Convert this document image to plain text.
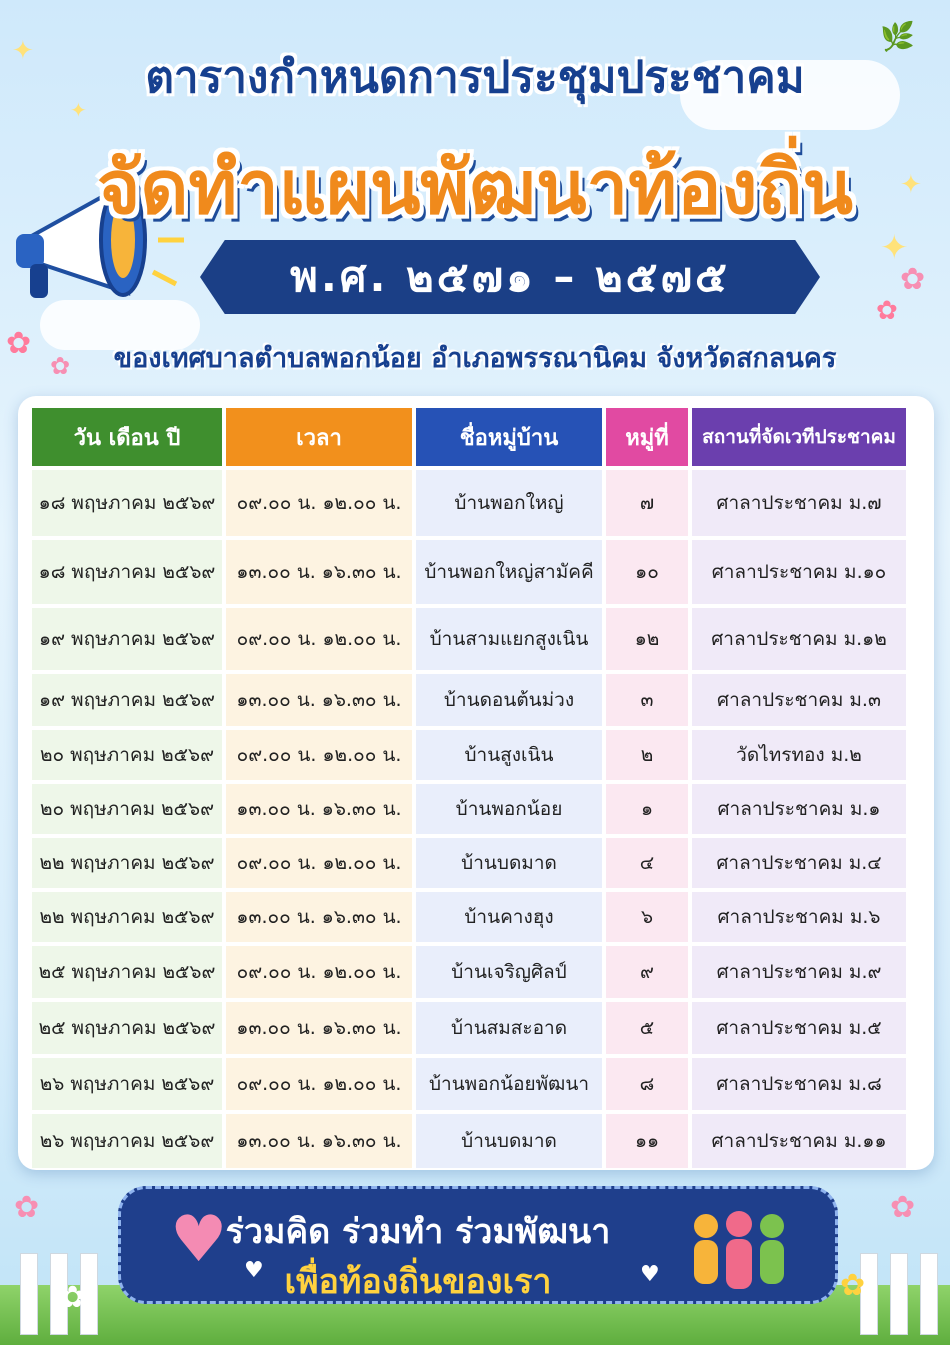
✦
✦
✦
✦
🌿
✿
✿
✿
✿
ตารางกำหนดการประชุมประชาคม
จัดทำแผนพัฒนาท้องถิ่น
พ.ศ. ๒๕๗๑ – ๒๕๗๕
ของเทศบาลตำบลพอกน้อย อำเภอพรรณานิคม จังหวัดสกลนคร
วัน เดือน ปี	เวลา	ชื่อหมู่บ้าน	หมู่ที่	สถานที่จัดเวทีประชาคม
๑๘ พฤษภาคม ๒๕๖๙	๐๙.๐๐ น. ๑๒.๐๐ น.	บ้านพอกใหญ่	๗	ศาลาประชาคม ม.๗
๑๘ พฤษภาคม ๒๕๖๙	๑๓.๐๐ น. ๑๖.๓๐ น.	บ้านพอกใหญ่สามัคคี	๑๐	ศาลาประชาคม ม.๑๐
๑๙ พฤษภาคม ๒๕๖๙	๐๙.๐๐ น. ๑๒.๐๐ น.	บ้านสามแยกสูงเนิน	๑๒	ศาลาประชาคม ม.๑๒
๑๙ พฤษภาคม ๒๕๖๙	๑๓.๐๐ น. ๑๖.๓๐ น.	บ้านดอนต้นม่วง	๓	ศาลาประชาคม ม.๓
๒๐ พฤษภาคม ๒๕๖๙	๐๙.๐๐ น. ๑๒.๐๐ น.	บ้านสูงเนิน	๒	วัดไทรทอง ม.๒
๒๐ พฤษภาคม ๒๕๖๙	๑๓.๐๐ น. ๑๖.๓๐ น.	บ้านพอกน้อย	๑	ศาลาประชาคม ม.๑
๒๒ พฤษภาคม ๒๕๖๙	๐๙.๐๐ น. ๑๒.๐๐ น.	บ้านบดมาด	๔	ศาลาประชาคม ม.๔
๒๒ พฤษภาคม ๒๕๖๙	๑๓.๐๐ น. ๑๖.๓๐ น.	บ้านคางฮุง	๖	ศาลาประชาคม ม.๖
๒๕ พฤษภาคม ๒๕๖๙	๐๙.๐๐ น. ๑๒.๐๐ น.	บ้านเจริญศิลป์	๙	ศาลาประชาคม ม.๙
๒๕ พฤษภาคม ๒๕๖๙	๑๓.๐๐ น. ๑๖.๓๐ น.	บ้านสมสะอาด	๕	ศาลาประชาคม ม.๕
๒๖ พฤษภาคม ๒๕๖๙	๐๙.๐๐ น. ๑๒.๐๐ น.	บ้านพอกน้อยพัฒนา	๘	ศาลาประชาคม ม.๘
๒๖ พฤษภาคม ๒๕๖๙	๑๓.๐๐ น. ๑๖.๓๐ น.	บ้านบดมาด	๑๑	ศาลาประชาคม ม.๑๑
✿
✿
✿
✿
♥ ♥	♥
ร่วมคิด ร่วมทำ ร่วมพัฒนา
เพื่อท้องถิ่นของเรา
